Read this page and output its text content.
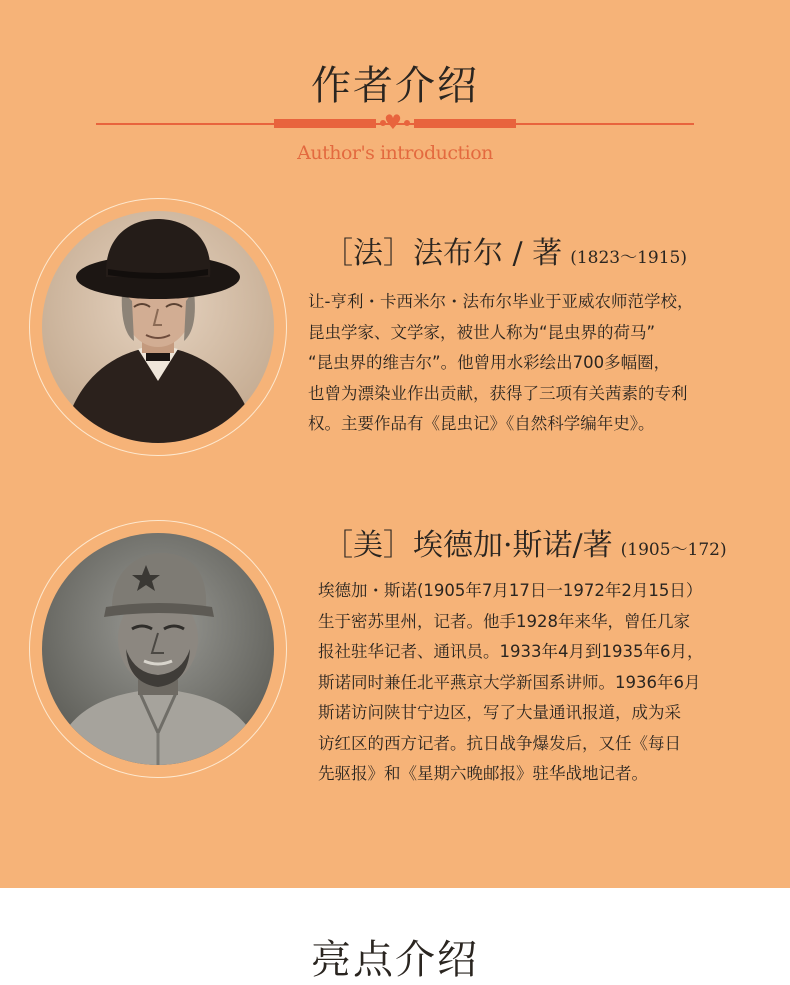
作者介绍
♥
Author's introduction
［法］法布尔 / 著 (1823～1915)
让-亨利・卡西米尔・法布尔毕业于亚威农师范学校，
昆虫学家、文学家，被世人称为“昆虫界的荷马”
“昆虫界的维吉尔”。他曾用水彩绘出700多幅圈，
也曾为漂染业作出贡献，获得了三项有关茜素的专利
权。主要作品有《昆虫记》《自然科学编年史》。
［美］埃德加·斯诺/著 (1905～172)
埃德加・斯诺(1905年7月17日一1972年2月15日）
生于密苏里州，记者。他手1928年来华，曾任几家
报社驻华记者、通讯员。1933年4月到1935年6月，
斯诺同时兼任北平燕京大学新国系讲师。1936年6月
斯诺访问陕甘宁边区，写了大量通讯报道，成为采
访红区的西方记者。抗日战争爆发后，又任《每日
先驱报》和《星期六晚邮报》驻华战地记者。
亮点介绍
